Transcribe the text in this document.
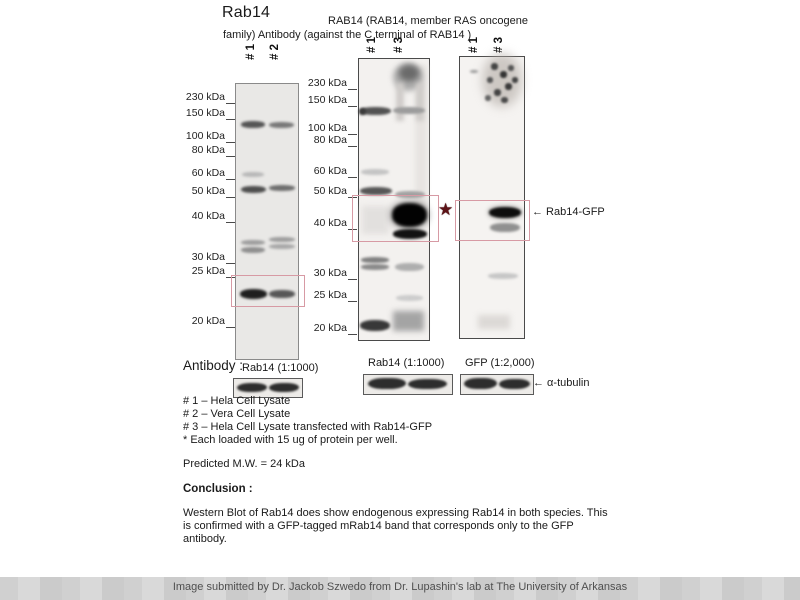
Rab14	RAB14 (RAB14, member RAS oncogene
family) Antibody (against the C terminal of RAB14 )
# 1 # 2	# 1 # 3	# 1 # 3
230 kDa
150 kDa
100 kDa
80 kDa
60 kDa
50 kDa
40 kDa
30 kDa
25 kDa
20 kDa
230 kDa
150 kDa
100 kDa
80 kDa
60 kDa
50 kDa
40 kDa
30 kDa
25 kDa
20 kDa
★	← Rab14-GFP
Antibody :
Rab14 (1:1000)	Rab14 (1:1000) GFP (1:2,000)
← α-tubulin
# 1 – Hela Cell Lysate
# 2 – Vera Cell Lysate
# 3 – Hela Cell Lysate transfected with Rab14-GFP
* Each loaded with 15 ug of protein per well.
Predicted M.W. = 24 kDa
Conclusion :
Western Blot of Rab14 does show endogenous expressing Rab14 in both species. This is confirmed with a GFP-tagged mRab14 band that corresponds only to the GFP antibody.
Image submitted by Dr. Jackob Szwedo from Dr. Lupashin's lab at The University of Arkansas
